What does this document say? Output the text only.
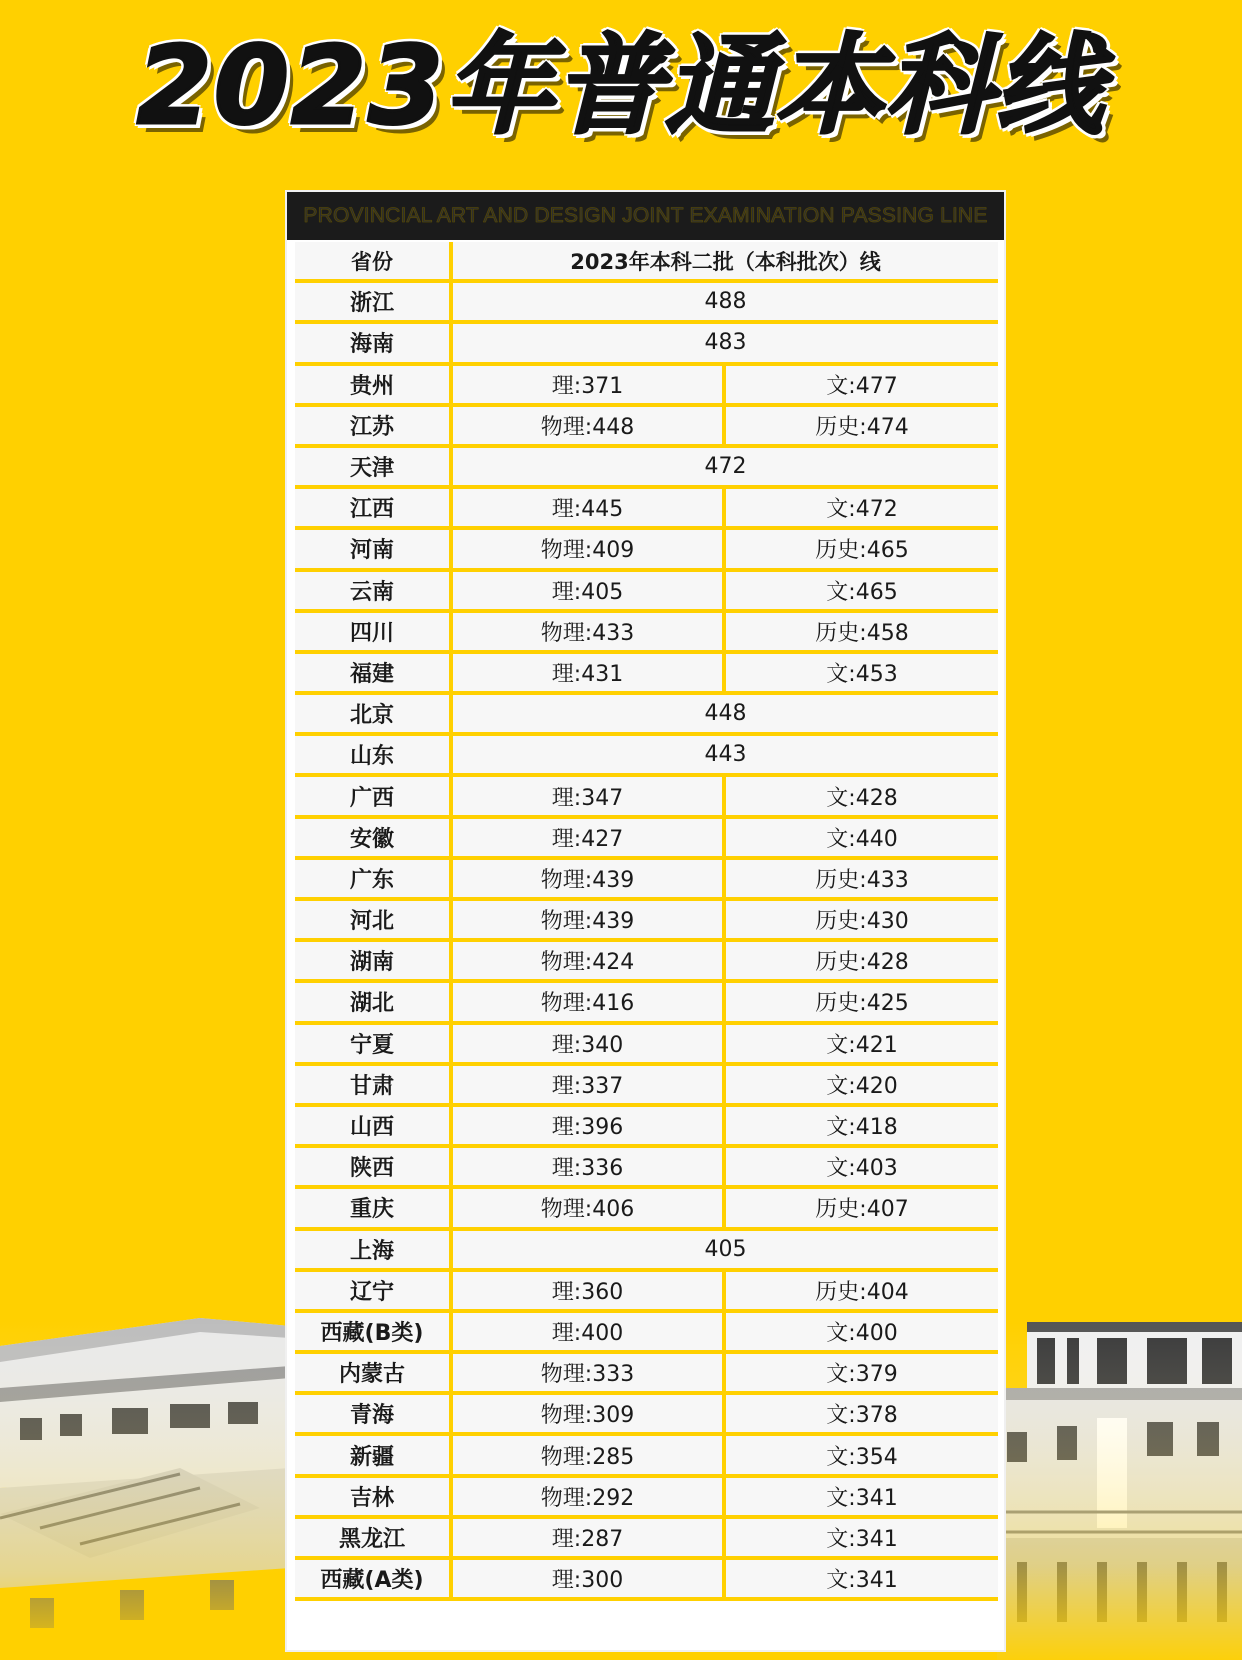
2023年普通本科线
PROVINCIAL ART AND DESIGN JOINT EXAMINATION PASSING LINE
省份	2023年本科二批（本科批次）线	
浙江	488	
海南	483	
贵州	理:371	文:477
江苏	物理:448	历史:474
天津	472	
江西	理:445	文:472
河南	物理:409	历史:465
云南	理:405	文:465
四川	物理:433	历史:458
福建	理:431	文:453
北京	448	
山东	443	
广西	理:347	文:428
安徽	理:427	文:440
广东	物理:439	历史:433
河北	物理:439	历史:430
湖南	物理:424	历史:428
湖北	物理:416	历史:425
宁夏	理:340	文:421
甘肃	理:337	文:420
山西	理:396	文:418
陕西	理:336	文:403
重庆	物理:406	历史:407
上海	405	
辽宁	理:360	历史:404
西藏(B类)	理:400	文:400
内蒙古	物理:333	文:379
青海	物理:309	文:378
新疆	物理:285	文:354
吉林	物理:292	文:341
黑龙江	理:287	文:341
西藏(A类)	理:300	文:341
